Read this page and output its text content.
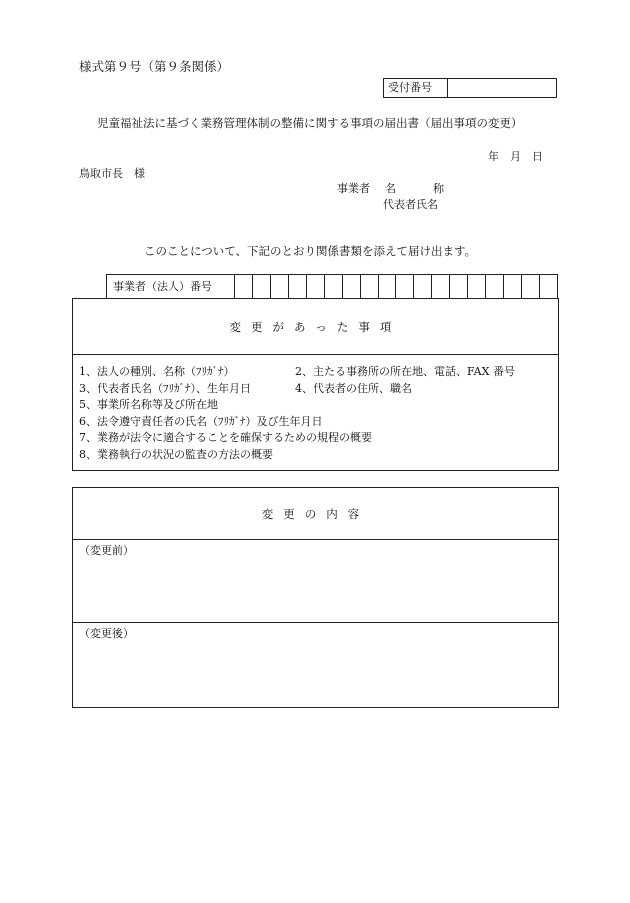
様式第９号（第９条関係）
受付番号
児童福祉法に基づく業務管理体制の整備に関する事項の届出書（届出事項の変更）
年　月　日
鳥取市長　様
事業者 名	称
代表者氏名
このことについて、下記のとおり関係書類を添えて届け出ます。
事業者（法人）番号
変更があった事項
1、法人の種別、名称（ﾌﾘｶﾞﾅ）	2、主たる事務所の所在地、電話、FAX 番号
3、代表者氏名（ﾌﾘｶﾞﾅ）、生年月日	4、代表者の住所、職名
5、事業所名称等及び所在地
6、法令遵守責任者の氏名（ﾌﾘｶﾞﾅ）及び生年月日
7、業務が法令に適合することを確保するための規程の概要
8、業務執行の状況の監査の方法の概要
変更の内容
（変更前）
（変更後）
